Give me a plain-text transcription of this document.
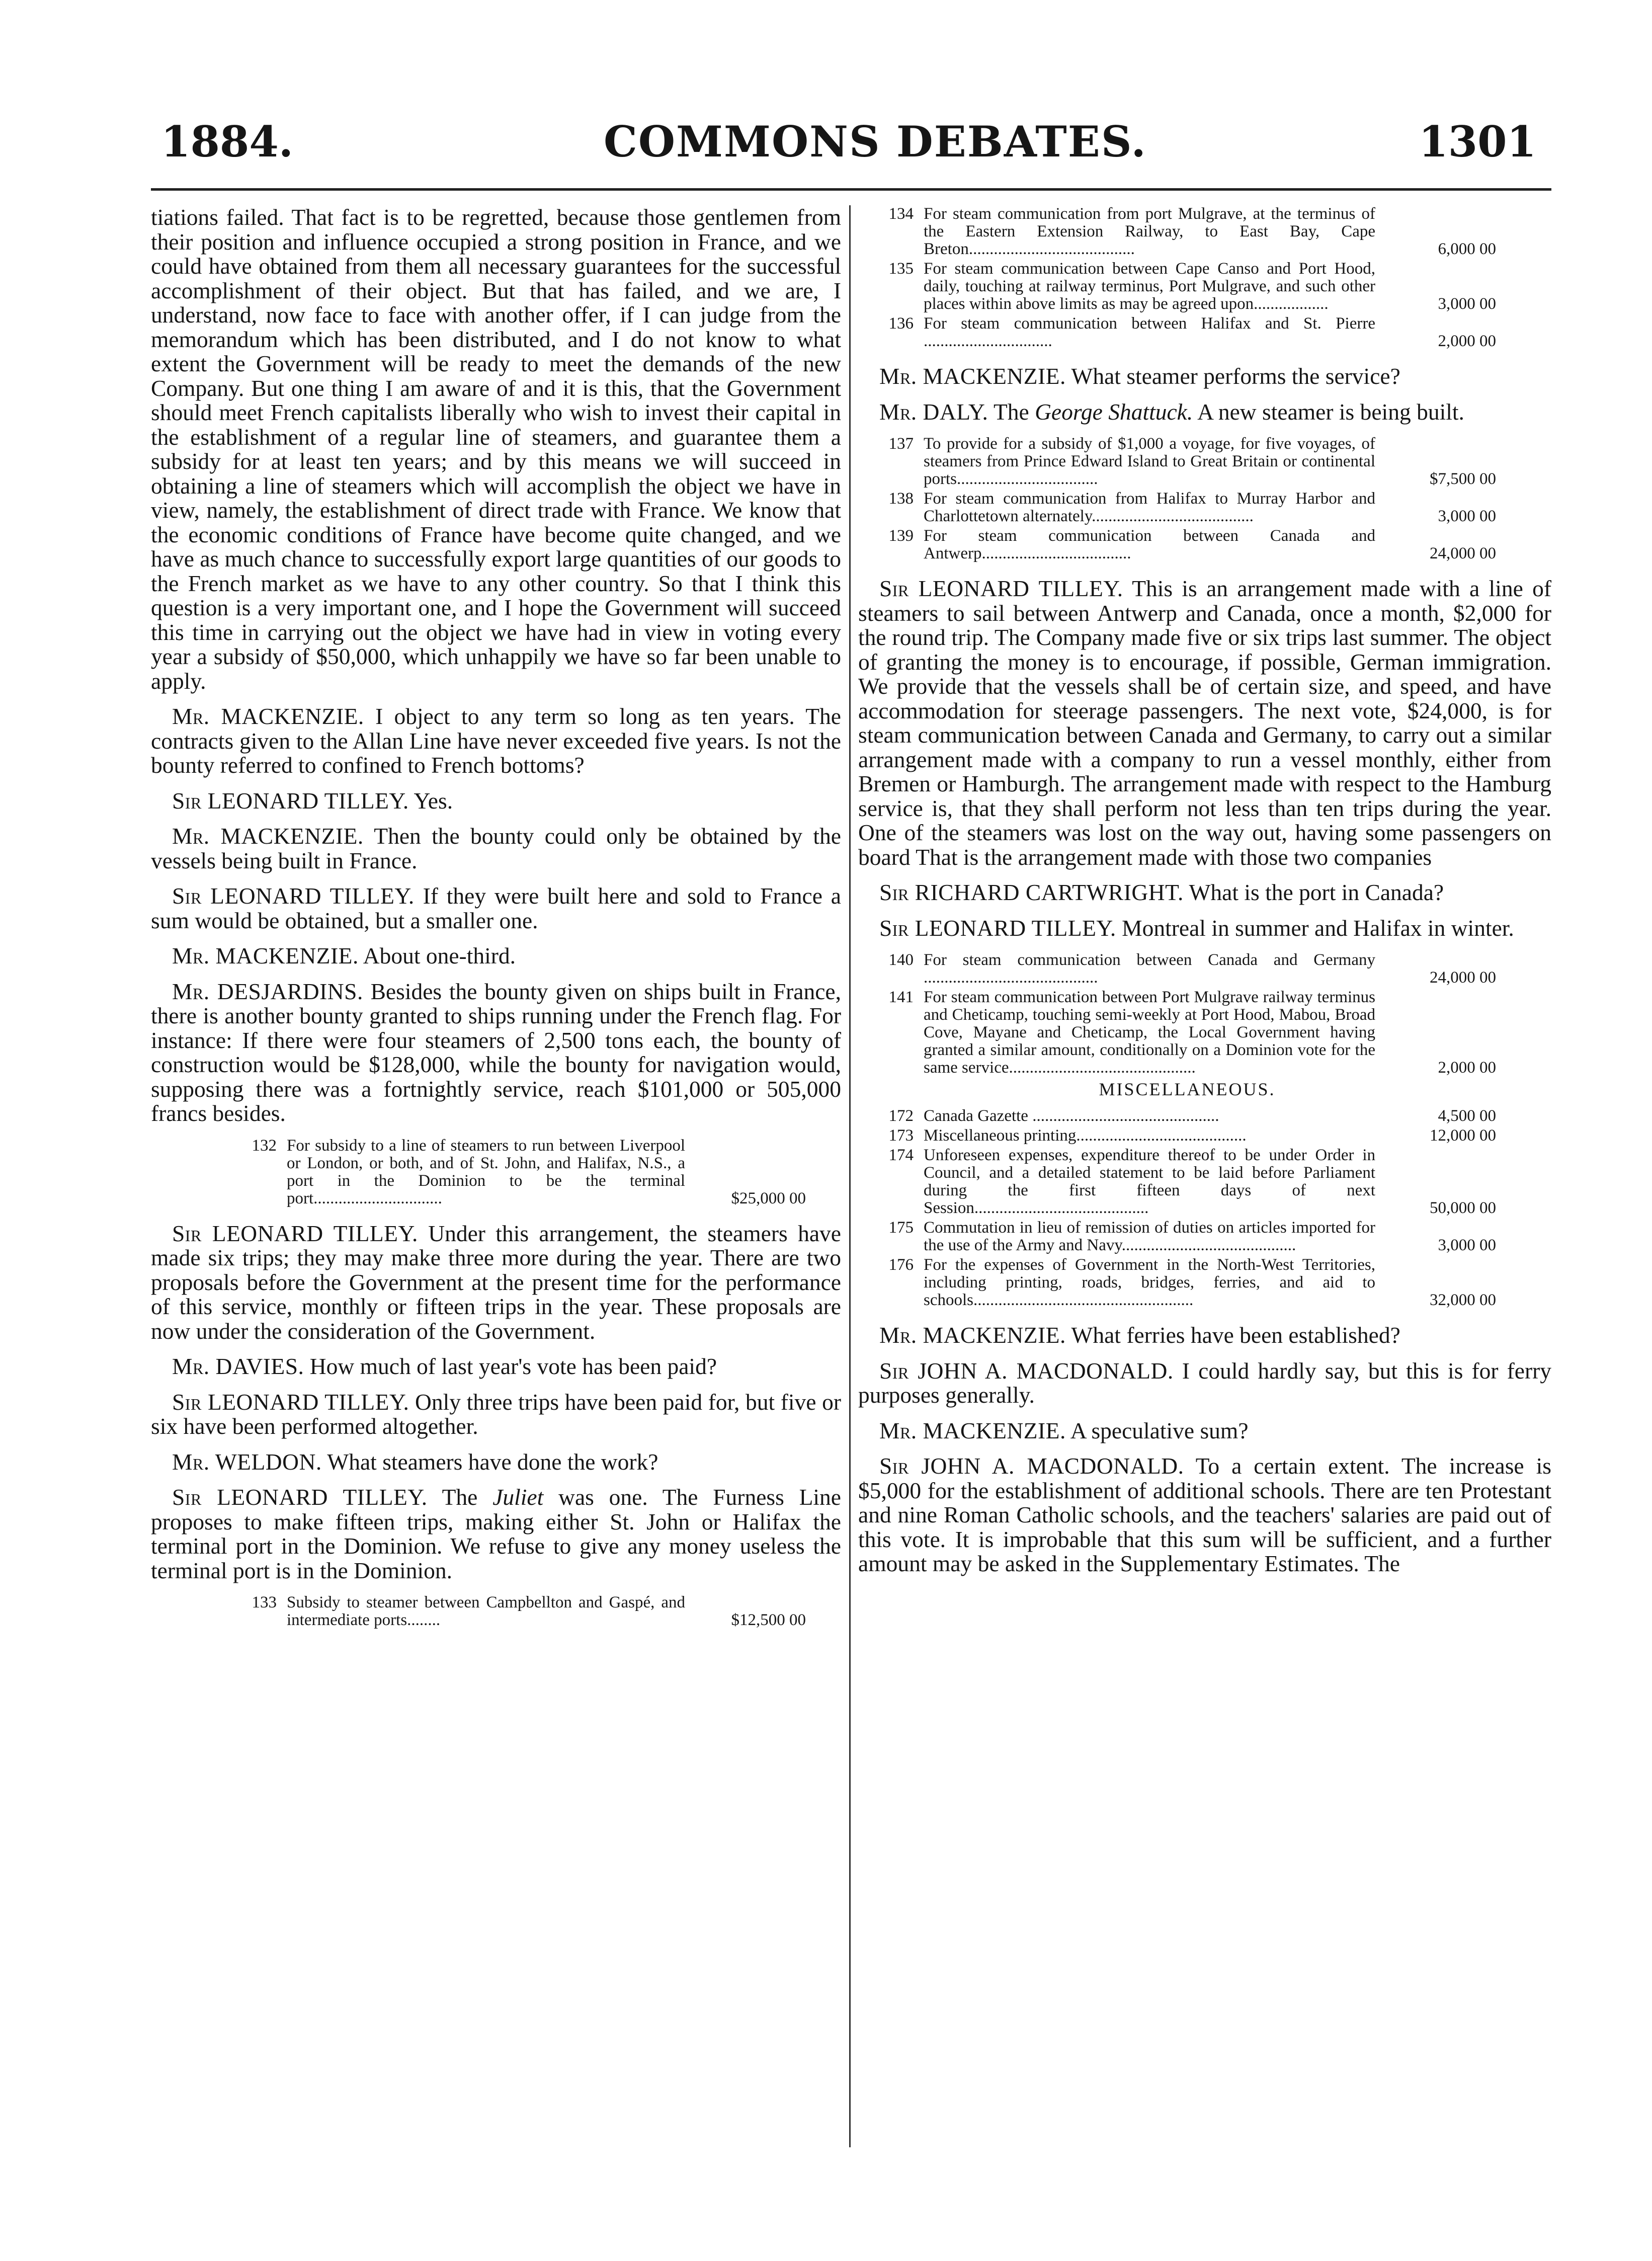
1884.	COMMONS DEBATES.	1301

tiations failed. That fact is to be regretted, because those gentlemen from their position and influence occupied a strong position in France, and we could have obtained from them all necessary guarantees for the successful accomplishment of their object. But that has failed, and we are, I understand, now face to face with another offer, if I can judge from the memorandum which has been distributed, and I do not know to what extent the Government will be ready to meet the demands of the new Company. But one thing I am aware of and it is this, that the Government should meet French capitalists liberally who wish to invest their capital in the establishment of a regular line of steamers, and guarantee them a subsidy for at least ten years; and by this means we will succeed in obtaining a line of steamers which will accomplish the object we have in view, namely, the establishment of direct trade with France. We know that the economic conditions of France have become quite changed, and we have as much chance to successfully export large quantities of our goods to the French market as we have to any other country. So that I think this question is a very important one, and I hope the Government will succeed this time in carrying out the object we have had in view in voting every year a subsidy of $50,000, which unhappily we have so far been unable to apply.

Mr. MACKENZIE. I object to any term so long as ten years. The contracts given to the Allan Line have never exceeded five years. Is not the bounty referred to confined to French bottoms?

Sir LEONARD TILLEY. Yes.

Mr. MACKENZIE. Then the bounty could only be obtained by the vessels being built in France.

Sir LEONARD TILLEY. If they were built here and sold to France a sum would be obtained, but a smaller one.

Mr. MACKENZIE. About one-third.

Mr. DESJARDINS. Besides the bounty given on ships built in France, there is another bounty granted to ships running under the French flag. For instance: If there were four steamers of 2,500 tons each, the bounty of construction would be $128,000, while the bounty for navigation would, supposing there was a fortnightly service, reach $101,000 or 505,000 francs besides.

132 For subsidy to a line of steamers to run between Liverpool or London, or both, and of St. John, and Halifax, N.S., a port in the Dominion to be the terminal port...............................	$25,000 00

Sir LEONARD TILLEY. Under this arrangement, the steamers have made six trips; they may make three more during the year. There are two proposals before the Government at the present time for the performance of this service, monthly or fifteen trips in the year. These proposals are now under the consideration of the Government.

Mr. DAVIES. How much of last year's vote has been paid?

Sir LEONARD TILLEY. Only three trips have been paid for, but five or six have been performed altogether.

Mr. WELDON. What steamers have done the work?

Sir LEONARD TILLEY. The Juliet was one. The Furness Line proposes to make fifteen trips, making either St. John or Halifax the terminal port in the Dominion. We refuse to give any money useless the terminal port is in the Dominion.

133 Subsidy to steamer between Campbellton and Gaspé, and intermediate ports........	$12,500 00
134 For steam communication from port Mulgrave, at the terminus of the Eastern Extension Railway, to East Bay, Cape Breton........................................	6,000 00
135 For steam communication between Cape Canso and Port Hood, daily, touching at railway terminus, Port Mulgrave, and such other places within above limits as may be agreed upon..................	3,000 00
136 For steam communication between Halifax and St. Pierre ...............................	2,000 00

Mr. MACKENZIE. What steamer performs the service?

Mr. DALY. The George Shattuck. A new steamer is being built.

137 To provide for a subsidy of $1,000 a voyage, for five voyages, of steamers from Prince Edward Island to Great Britain or continental ports..................................	$7,500 00
138 For steam communication from Halifax to Murray Harbor and Charlottetown alternately.......................................	3,000 00
139 For steam communication between Canada and Antwerp....................................	24,000 00

Sir LEONARD TILLEY. This is an arrangement made with a line of steamers to sail between Antwerp and Canada, once a month, $2,000 for the round trip. The Company made five or six trips last summer. The object of granting the money is to encourage, if possible, German immigration. We provide that the vessels shall be of certain size, and speed, and have accommodation for steerage passengers. The next vote, $24,000, is for steam communication between Canada and Germany, to carry out a similar arrangement made with a company to run a vessel monthly, either from Bremen or Hamburgh. The arrangement made with respect to the Hamburg service is, that they shall perform not less than ten trips during the year. One of the steamers was lost on the way out, having some passengers on board That is the arrangement made with those two companies

Sir RICHARD CARTWRIGHT. What is the port in Canada?

Sir LEONARD TILLEY. Montreal in summer and Halifax in winter.

140 For steam communication between Canada and Germany ..........................................	24,000 00
141 For steam communication between Port Mulgrave railway terminus and Cheticamp, touching semi-weekly at Port Hood, Mabou, Broad Cove, Mayane and Cheticamp, the Local Government having granted a similar amount, conditionally on a Dominion vote for the same service.............................................	2,000 00
MISCELLANEOUS.
172 Canada Gazette .............................................	4,500 00
173 Miscellaneous printing.........................................	12,000 00
174 Unforeseen expenses, expenditure thereof to be under Order in Council, and a detailed statement to be laid before Parliament during the first fifteen days of next Session..........................................	50,000 00
175 Commutation in lieu of remission of duties on articles imported for the use of the Army and Navy..........................................	3,000 00
176 For the expenses of Government in the North-West Territories, including printing, roads, bridges, ferries, and aid to schools.....................................................	32,000 00

Mr. MACKENZIE. What ferries have been established?

Sir JOHN A. MACDONALD. I could hardly say, but this is for ferry purposes generally.

Mr. MACKENZIE. A speculative sum?

Sir JOHN A. MACDONALD. To a certain extent. The increase is $5,000 for the establishment of additional schools. There are ten Protestant and nine Roman Catholic schools, and the teachers' salaries are paid out of this vote. It is improbable that this sum will be sufficient, and a further amount may be asked in the Supplementary Estimates. The
